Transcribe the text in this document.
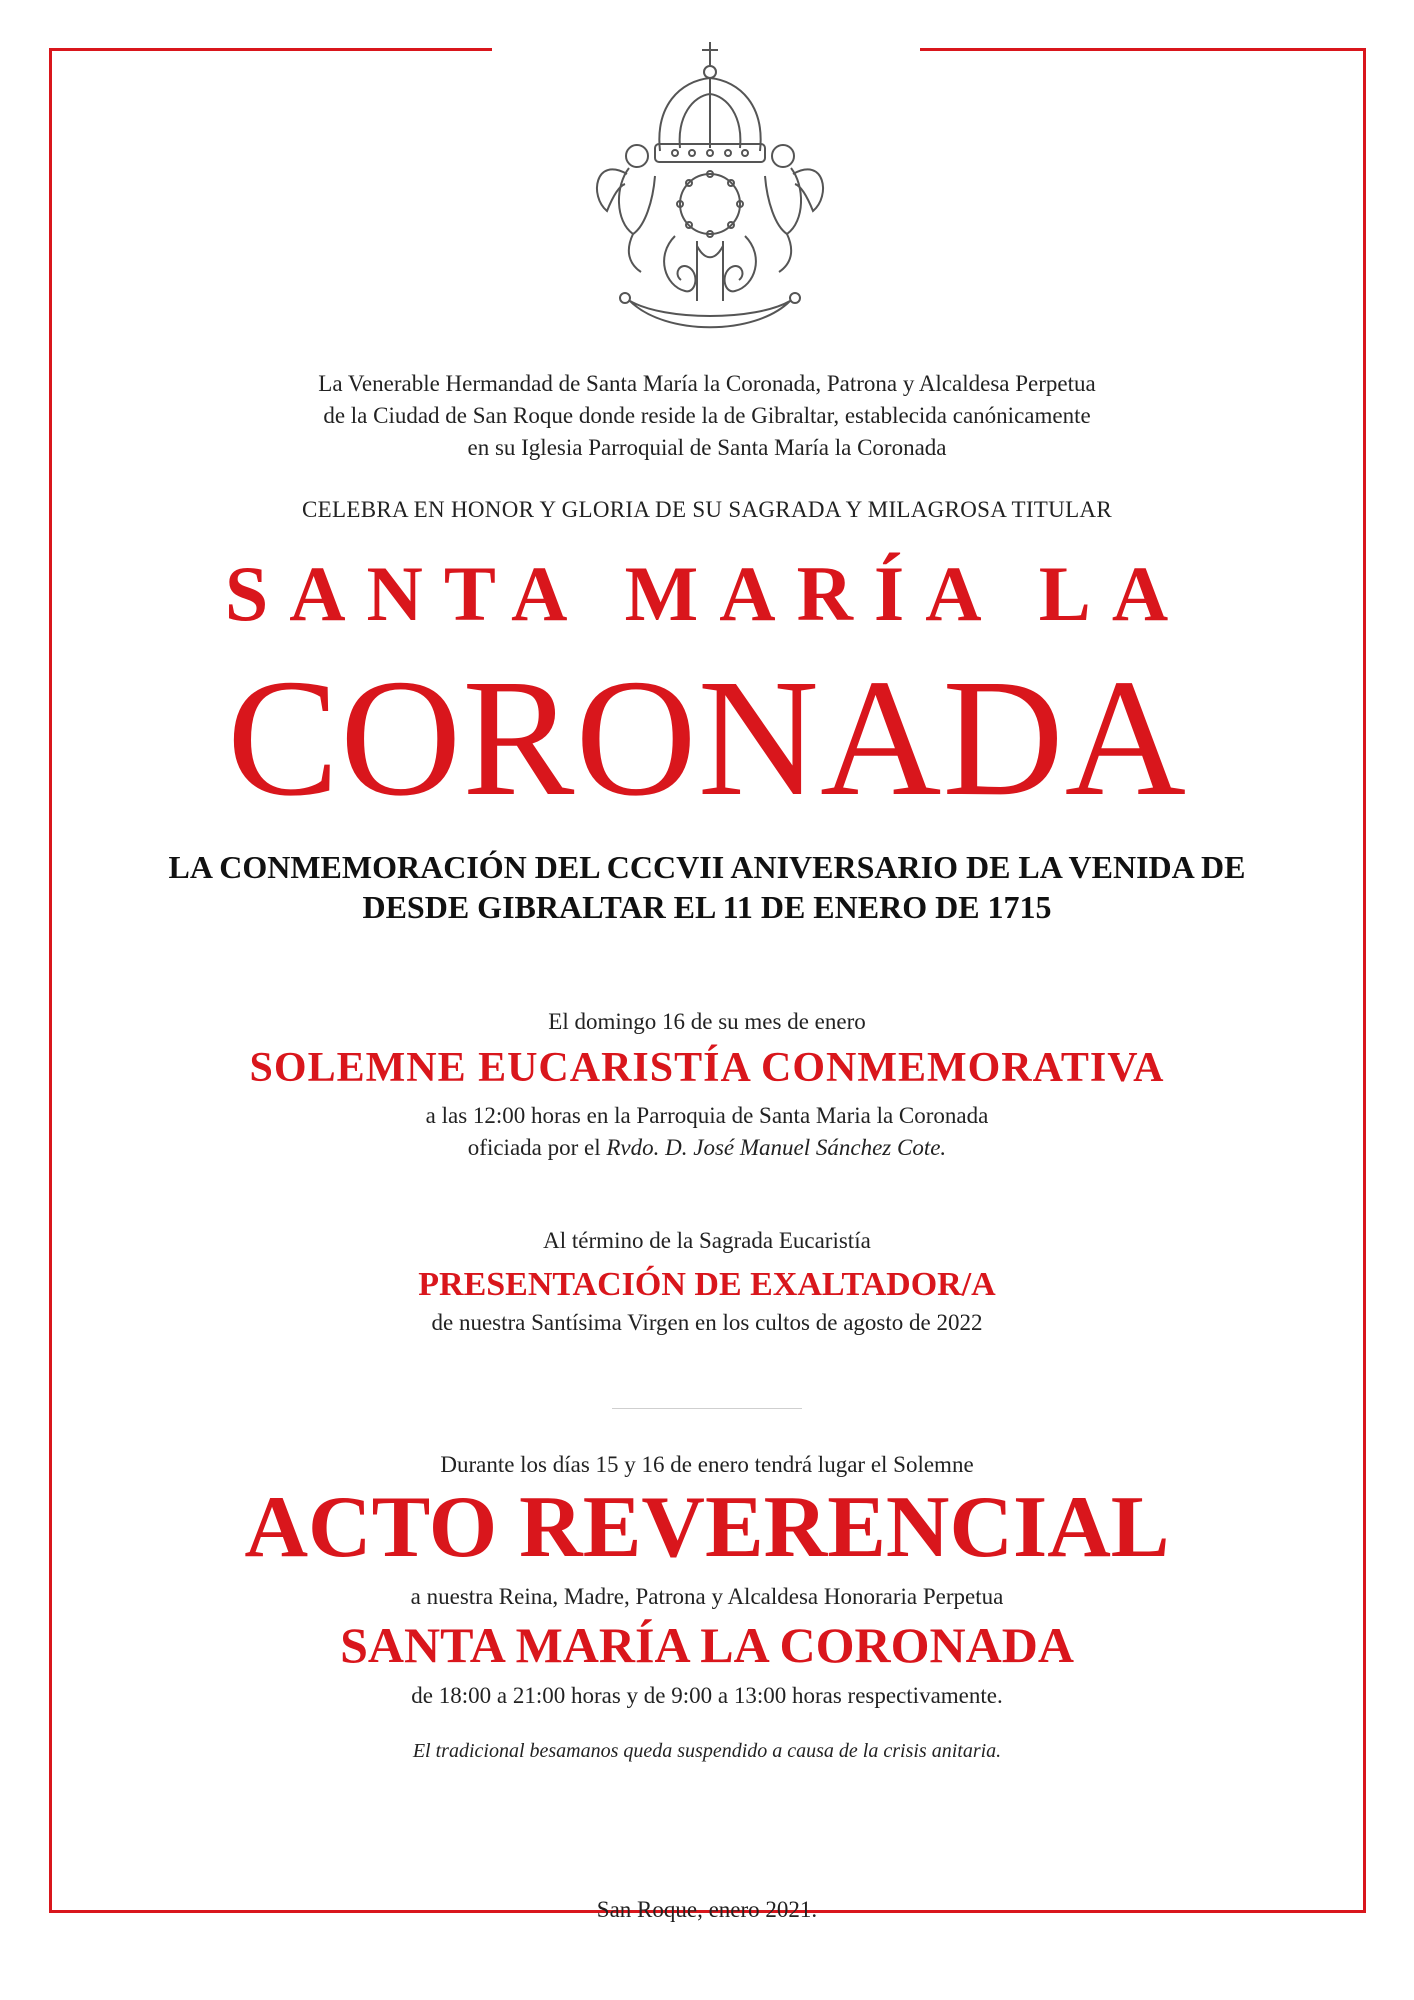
La Venerable Hermandad de Santa María la Coronada, Patrona y Alcaldesa Perpetua
de la Ciudad de San Roque donde reside la de Gibraltar, establecida canónicamente
en su Iglesia Parroquial de Santa María la Coronada
CELEBRA EN HONOR Y GLORIA DE SU SAGRADA Y MILAGROSA TITULAR
SANTA MARÍA LA
CORONADA
LA CONMEMORACIÓN DEL CCCVII ANIVERSARIO DE LA VENIDA DE
DESDE GIBRALTAR EL 11 DE ENERO DE 1715
El domingo 16 de su mes de enero
SOLEMNE EUCARISTÍA CONMEMORATIVA
a las 12:00 horas en la Parroquia de Santa Maria la Coronada
oficiada por el Rvdo. D. José Manuel Sánchez Cote.
Al término de la Sagrada Eucaristía
PRESENTACIÓN DE EXALTADOR/A
de nuestra Santísima Virgen en los cultos de agosto de 2022
Durante los días 15 y 16 de enero tendrá lugar el Solemne
ACTO REVERENCIAL
a nuestra Reina, Madre, Patrona y Alcaldesa Honoraria Perpetua
SANTA MARÍA LA CORONADA
de 18:00 a 21:00 horas y de 9:00 a 13:00 horas respectivamente.
El tradicional besamanos queda suspendido a causa de la crisis anitaria.
San Roque, enero 2021.
